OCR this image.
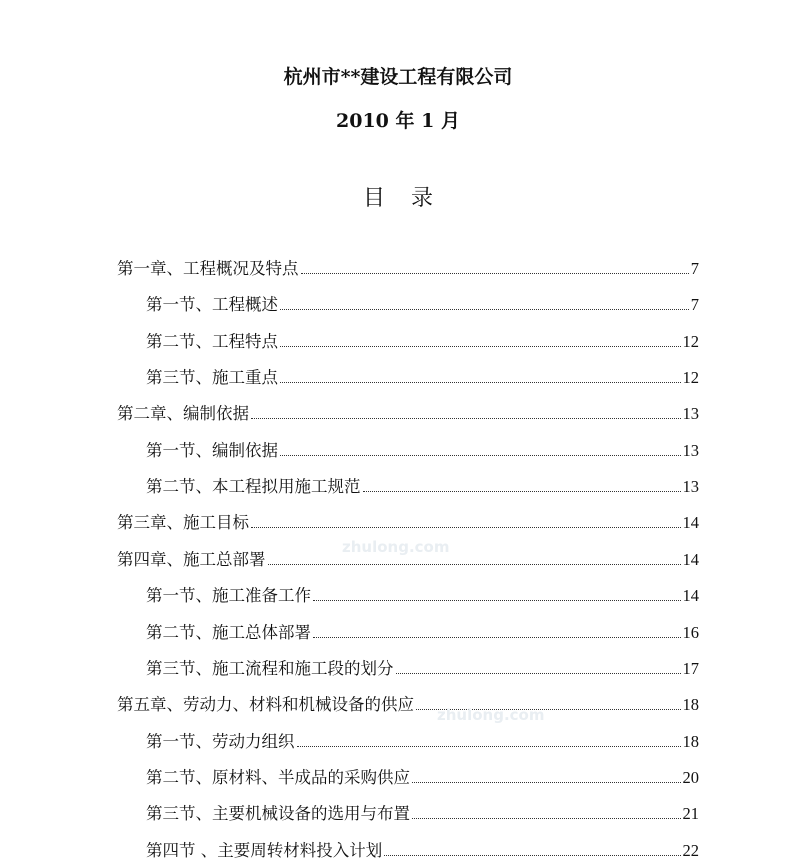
杭州市**建设工程有限公司
2010 年 1 月
目录
第一章、工程概况及特点	7
第一节、工程概述	7
第二节、工程特点	12
第三节、施工重点	12
第二章、编制依据	13
第一节、编制依据	13
第二节、本工程拟用施工规范	13
第三章、施工目标	14
第四章、施工总部署	14
第一节、施工准备工作	14
第二节、施工总体部署	16
第三节、施工流程和施工段的划分	17
第五章、劳动力、材料和机械设备的供应	18
第一节、劳动力组织	18
第二节、原材料、半成品的采购供应	20
第三节、主要机械设备的选用与布置	21
第四节 、主要周转材料投入计划	22
zhulong.com
zhulong.com
